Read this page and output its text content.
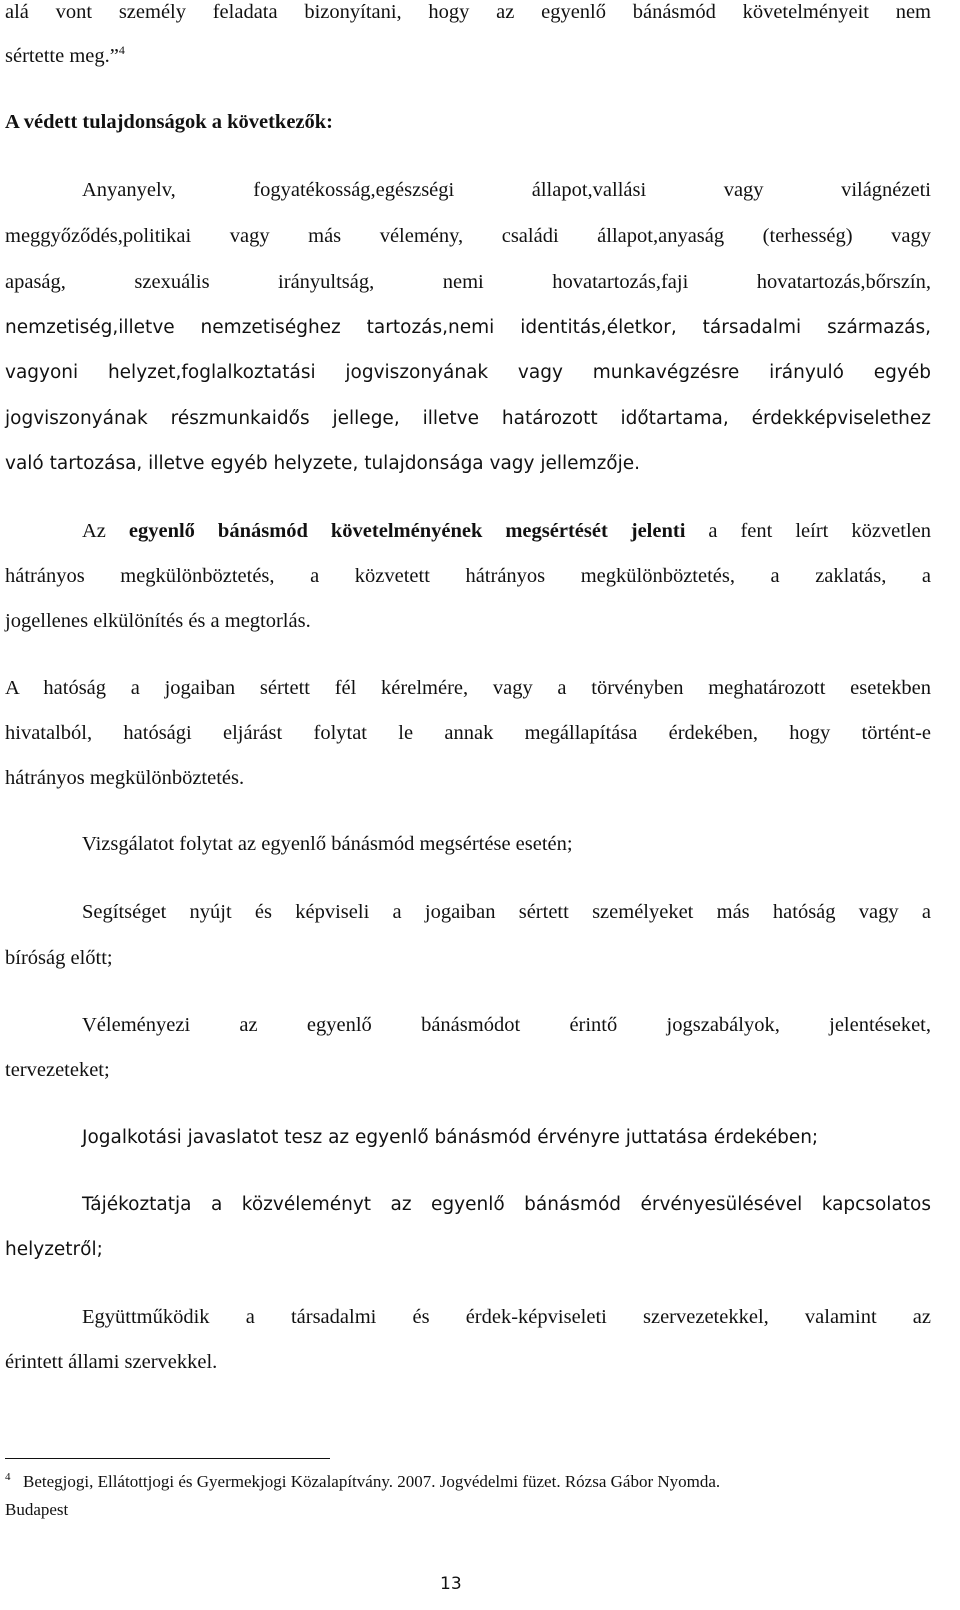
alá vont személy feladata bizonyítani, hogy az egyenlő bánásmód követelményeit nem

sértette meg.”$^4$

A védett tulajdonságok a következők:

Anyanyelv, fogyatékosság,egészségi állapot,vallási vagy világnézeti

meggyőződés,politikai vagy más vélemény, családi állapot,anyaság (terhesség) vagy

apaság, szexuális irányultság, nemi hovatartozás,faji hovatartozás,bőrszín,

nemzetiség,illetve nemzetiséghez tartozás,nemi identitás,életkor, társadalmi származás,

vagyoni helyzet,foglalkoztatási jogviszonyának vagy munkavégzésre irányuló egyéb

jogviszonyának részmunkaidős jellege, illetve határozott időtartama, érdekképviselethez

való tartozása, illetve egyéb helyzete, tulajdonsága vagy jellemzője.

Az egyenlő bánásmód követelményének megsértését jelenti a fent leírt közvetlen

hátrányos megkülönböztetés, a közvetett hátrányos megkülönböztetés, a zaklatás, a

jogellenes elkülönítés és a megtorlás.

A hatóság a jogaiban sértett fél kérelmére, vagy a törvényben meghatározott esetekben

hivatalból, hatósági eljárást folytat le annak megállapítása érdekében, hogy történt-e

hátrányos megkülönböztetés.

Vizsgálatot folytat az egyenlő bánásmód megsértése esetén;

Segítséget nyújt és képviseli a jogaiban sértett személyeket más hatóság vagy a

bíróság előtt;

Véleményezi az egyenlő bánásmódot érintő jogszabályok, jelentéseket,

tervezeteket;

Jogalkotási javaslatot tesz az egyenlő bánásmód érvényre juttatása érdekében;

Tájékoztatja a közvéleményt az egyenlő bánásmód érvényesülésével kapcsolatos

helyzetről;

Együttműködik a társadalmi és érdek-képviseleti szervezetekkel, valamint az

érintett állami szervekkel.

4 Betegjogi, Ellátottjogi és Gyermekjogi Közalapítvány. 2007. Jogvédelmi füzet. Rózsa Gábor Nyomda.

Budapest

13
